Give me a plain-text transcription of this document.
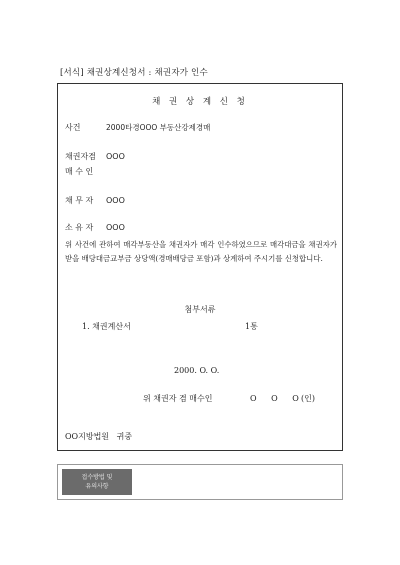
[서식] 채권상계신청서 : 채권자가 인수
채 권 상 계 신 청
사건	2000타경OOO 부동산강제경매
채권자겸
매 수 인
OOO
채 무 자 OOO
소 유 자 OOO
위 사건에 관하여 매각부동산을 채권자가 매각 인수하였으므로 매각대금을 채권자가 받을 배당대금교부금 상당액(경매배당금 포함)과 상계하여 주시기를 신청합니다.
첨부서류
1. 채권계산서	1통
2000. O. O.
위 채권자 겸 매수인	O O O
(인)
OO지방법원   귀중
접수방법 및
유의사항
